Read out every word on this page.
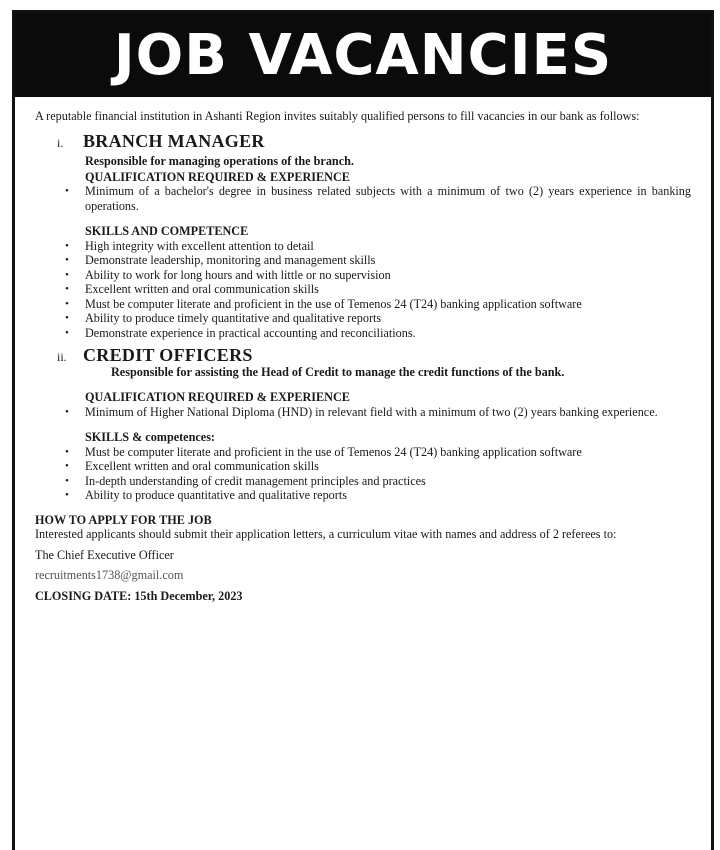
JOB VACANCIES

A reputable financial institution in Ashanti Region invites suitably qualified persons to fill vacancies in our bank as follows:

i.	BRANCH MANAGER

Responsible for managing operations of the branch.

QUALIFICATION REQUIRED & EXPERIENCE

• Minimum of a bachelor's degree in business related subjects with a minimum of two (2) years experience in banking operations.

SKILLS AND COMPETENCE

• High integrity with excellent attention to detail
• Demonstrate leadership, monitoring and management skills
• Ability to work for long hours and with little or no supervision
• Excellent written and oral communication skills
• Must be computer literate and proficient in the use of Temenos 24 (T24) banking application software
• Ability to produce timely quantitative and qualitative reports
• Demonstrate experience in practical accounting and reconciliations.
ii. CREDIT OFFICERS

Responsible for assisting the Head of Credit to manage the credit functions of the bank.

QUALIFICATION REQUIRED & EXPERIENCE

• Minimum of Higher National Diploma (HND) in relevant field with a minimum of two (2) years banking experience.

SKILLS & competences:

• Must be computer literate and proficient in the use of Temenos 24 (T24) banking application software
• Excellent written and oral communication skills
• In-depth understanding of credit management principles and practices
• Ability to produce quantitative and qualitative reports

HOW TO APPLY FOR THE JOB

Interested applicants should submit their application letters, a curriculum vitae with names and address of 2 referees to:

The Chief Executive Officer

recruitments1738@gmail.com

CLOSING DATE: 15th December, 2023
